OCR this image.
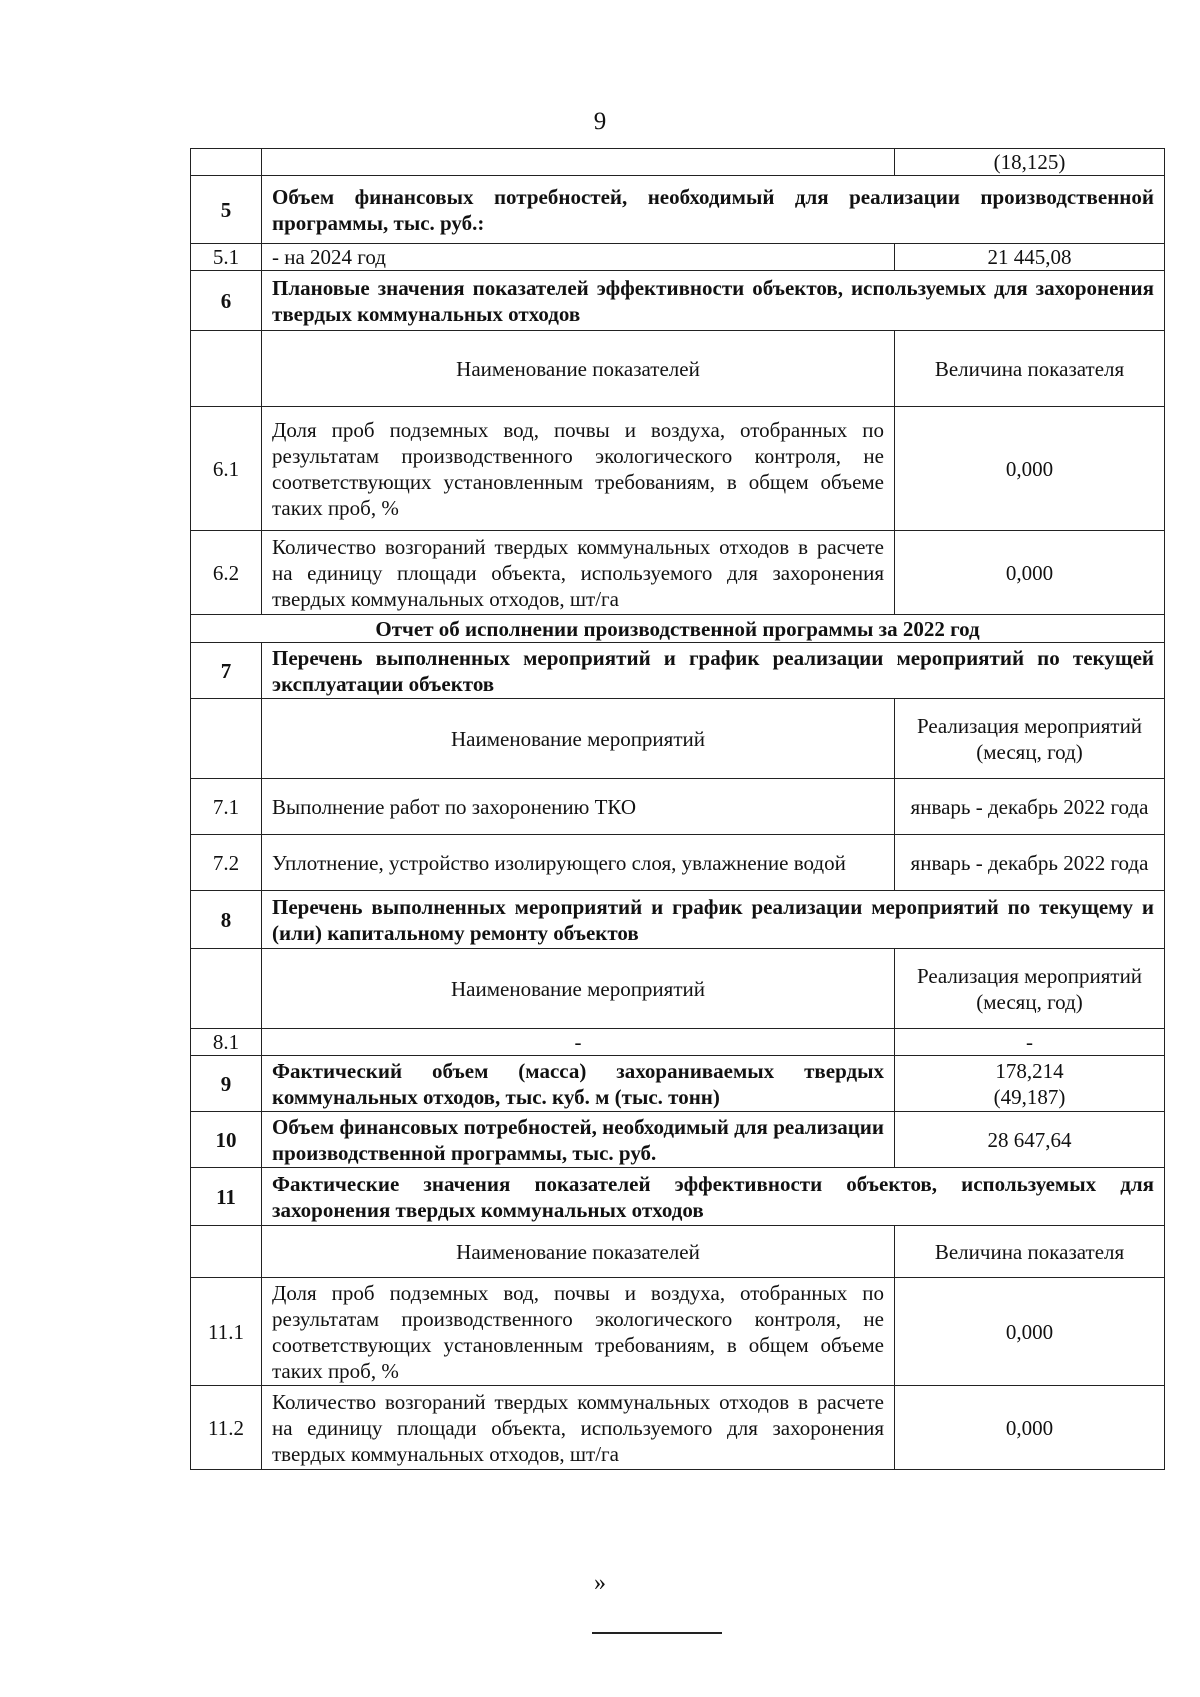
9
		(18,125)
5	Объем финансовых потребностей, необходимый для реализации производственной программы, тыс. руб.:	
5.1	- на 2024 год	21 445,08
6	Плановые значения показателей эффективности объектов, используемых для захоронения твердых коммунальных отходов	
	Наименование показателей	Величина показателя
6.1	Доля проб подземных вод, почвы и воздуха, отобранных по результатам производственного экологического контроля, не соответствующих установленным требованиям, в общем объеме таких проб, %	0,000
6.2	Количество возгораний твердых коммунальных отходов в расчете на единицу площади объекта, используемого для захоронения твердых коммунальных отходов, шт/га	0,000
Отчет об исполнении производственной программы за 2022 год		
7	Перечень выполненных мероприятий и график реализации мероприятий по текущей эксплуатации объектов	
	Наименование мероприятий	Реализация мероприятий (месяц, год)
7.1	Выполнение работ по захоронению ТКО	январь - декабрь 2022 года
7.2	Уплотнение, устройство изолирующего слоя, увлажнение водой	январь - декабрь 2022 года
8	Перечень выполненных мероприятий и график реализации мероприятий по текущему и (или) капитальному ремонту объектов	
	Наименование мероприятий	Реализация мероприятий (месяц, год)
8.1	-	-
9	Фактический объем (масса) захораниваемых твердых коммунальных отходов, тыс. куб. м (тыс. тонн)	178,214
(49,187)

10	Объем финансовых потребностей, необходимый для реализации производственной программы, тыс. руб.	28 647,64
11	Фактические значения показателей эффективности объектов, используемых для захоронения твердых коммунальных отходов	
	Наименование показателей	Величина показателя
11.1	Доля проб подземных вод, почвы и воздуха, отобранных по результатам производственного экологического контроля, не соответствующих установленным требованиям, в общем объеме таких проб, %	0,000
11.2	Количество возгораний твердых коммунальных отходов в расчете на единицу площади объекта, используемого для захоронения твердых коммунальных отходов, шт/га	0,000
»
